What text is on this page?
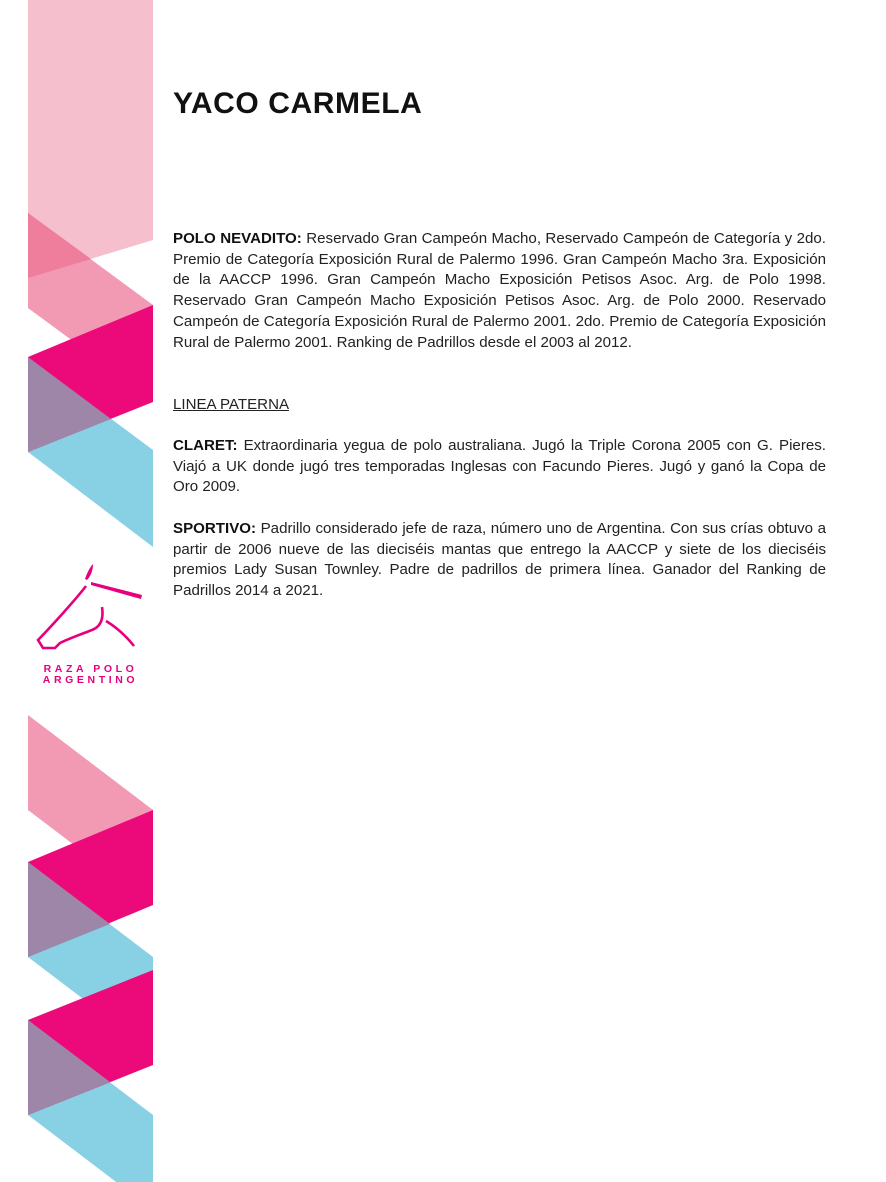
RAZA POLO
ARGENTINO
YACO CARMELA

POLO NEVADITO: Reservado Gran Campeón Macho, Reservado Campeón de Categoría y 2do. Premio de Categoría Exposición Rural de Palermo 1996. Gran Campeón Macho 3ra. Exposición de la AACCP 1996. Gran Campeón Macho Exposición Petisos Asoc. Arg. de Polo 1998. Reservado Gran Campeón Macho Exposición Petisos Asoc. Arg. de Polo 2000. Reservado Campeón de Categoría Exposición Rural de Palermo 2001. 2do. Premio de Categoría Exposición Rural de Palermo 2001. Ranking de Padrillos desde el 2003 al 2012.

LINEA PATERNA

CLARET: Extraordinaria yegua de polo australiana. Jugó la Triple Corona 2005 con G. Pieres. Viajó a UK donde jugó tres temporadas Inglesas con Facundo Pieres. Jugó y ganó la Copa de Oro 2009.

SPORTIVO: Padrillo considerado jefe de raza, número uno de Argentina. Con sus crías obtuvo a partir de 2006 nueve de las dieciséis mantas que entrego la AACCP y siete de los dieciséis premios Lady Susan Townley. Padre de padrillos de primera línea. Ganador del Ranking de Padrillos 2014 a 2021.
